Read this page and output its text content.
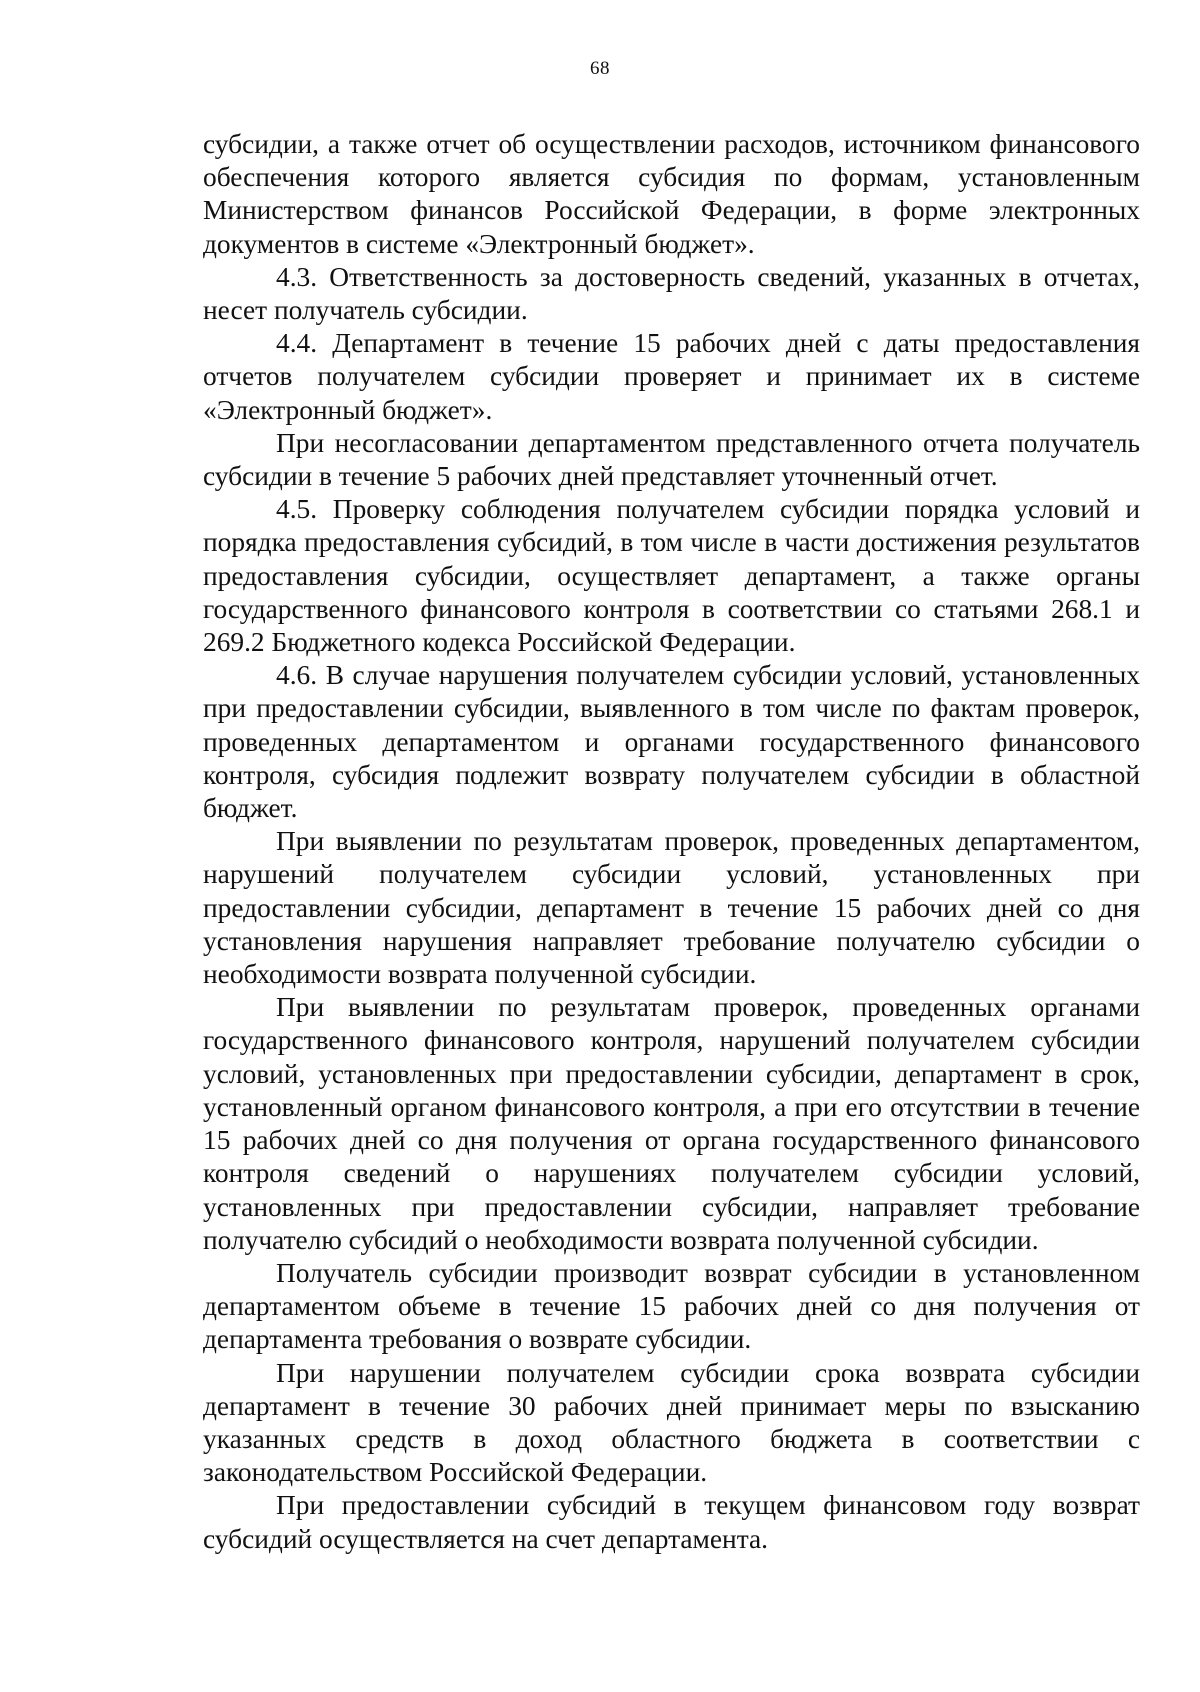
68

субсидии, а также отчет об осуществлении расходов, источником финансового обеспечения которого является субсидия по формам, установленным Министерством финансов Российской Федерации, в форме электронных документов в системе «Электронный бюджет».

4.3. Ответственность за достоверность сведений, указанных в отчетах, несет получатель субсидии.

4.4. Департамент в течение 15 рабочих дней с даты предоставления отчетов получателем субсидии проверяет и принимает их в системе «Электронный бюджет».

При несогласовании департаментом представленного отчета получатель субсидии в течение 5 рабочих дней представляет уточненный отчет.

4.5. Проверку соблюдения получателем субсидии порядка условий и порядка предоставления субсидий, в том числе в части достижения результатов предоставления субсидии, осуществляет департамент, а также органы государственного финансового контроля в соответствии со статьями 268.1 и 269.2 Бюджетного кодекса Российской Федерации.

4.6. В случае нарушения получателем субсидии условий, установленных при предоставлении субсидии, выявленного в том числе по фактам проверок, проведенных департаментом и органами государственного финансового контроля, субсидия подлежит возврату получателем субсидии в областной бюджет.

При выявлении по результатам проверок, проведенных департаментом, нарушений получателем субсидии условий, установленных при предоставлении субсидии, департамент в течение 15 рабочих дней со дня установления нарушения направляет требование получателю субсидии о необходимости возврата полученной субсидии.

При выявлении по результатам проверок, проведенных органами государственного финансового контроля, нарушений получателем субсидии условий, установленных при предоставлении субсидии, департамент в срок, установленный органом финансового контроля, а при его отсутствии в течение 15 рабочих дней со дня получения от органа государственного финансового контроля сведений о нарушениях получателем субсидии условий, установленных при предоставлении субсидии, направляет требование получателю субсидий о необходимости возврата полученной субсидии.

Получатель субсидии производит возврат субсидии в установленном департаментом объеме в течение 15 рабочих дней со дня получения от департамента требования о возврате субсидии.

При нарушении получателем субсидии срока возврата субсидии департамент в течение 30 рабочих дней принимает меры по взысканию указанных средств в доход областного бюджета в соответствии с законодательством Российской Федерации.

При предоставлении субсидий в текущем финансовом году возврат субсидий осуществляется на счет департамента.
